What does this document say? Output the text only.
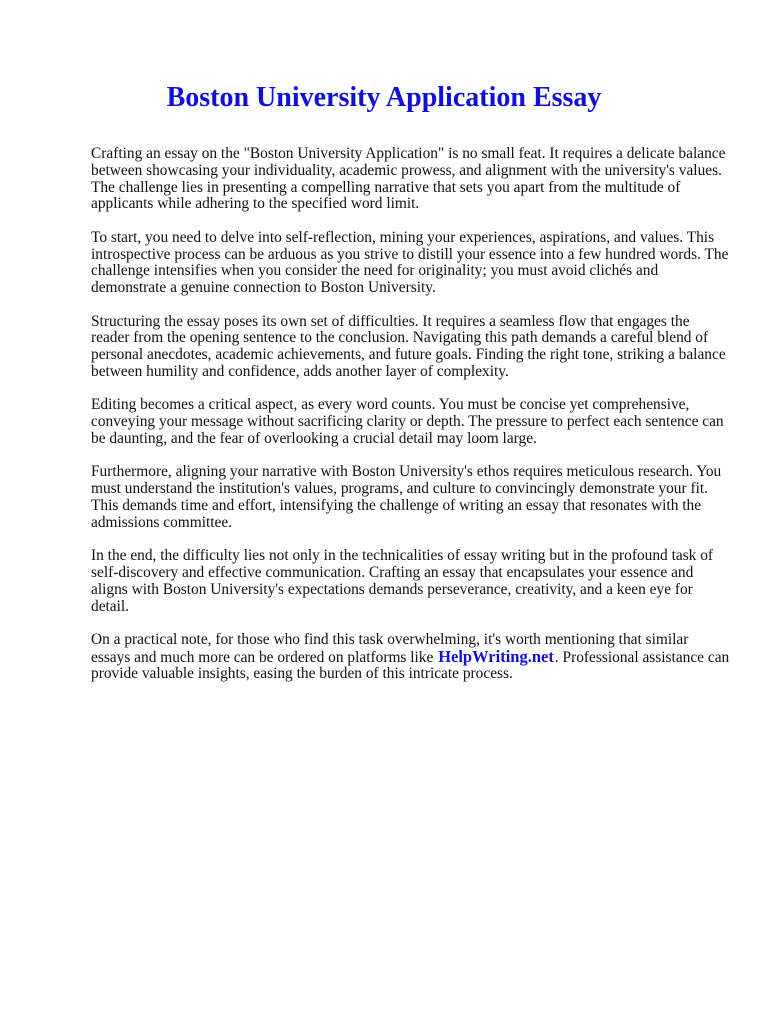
Boston University Application Essay

Crafting an essay on the "Boston University Application" is no small feat. It requires a delicate balance between showcasing your individuality, academic prowess, and alignment with the university's values. The challenge lies in presenting a compelling narrative that sets you apart from the multitude of applicants while adhering to the specified word limit.

To start, you need to delve into self-reflection, mining your experiences, aspirations, and values. This introspective process can be arduous as you strive to distill your essence into a few hundred words. The challenge intensifies when you consider the need for originality; you must avoid clichés and demonstrate a genuine connection to Boston University.

Structuring the essay poses its own set of difficulties. It requires a seamless flow that engages the reader from the opening sentence to the conclusion. Navigating this path demands a careful blend of personal anecdotes, academic achievements, and future goals. Finding the right tone, striking a balance between humility and confidence, adds another layer of complexity.

Editing becomes a critical aspect, as every word counts. You must be concise yet comprehensive, conveying your message without sacrificing clarity or depth. The pressure to perfect each sentence can be daunting, and the fear of overlooking a crucial detail may loom large.

Furthermore, aligning your narrative with Boston University's ethos requires meticulous research. You must understand the institution's values, programs, and culture to convincingly demonstrate your fit. This demands time and effort, intensifying the challenge of writing an essay that resonates with the admissions committee.

In the end, the difficulty lies not only in the technicalities of essay writing but in the profound task of self-discovery and effective communication. Crafting an essay that encapsulates your essence and aligns with Boston University's expectations demands perseverance, creativity, and a keen eye for detail.

On a practical note, for those who find this task overwhelming, it's worth mentioning that similar essays and much more can be ordered on platforms like HelpWriting.net. Professional assistance can provide valuable insights, easing the burden of this intricate process.
